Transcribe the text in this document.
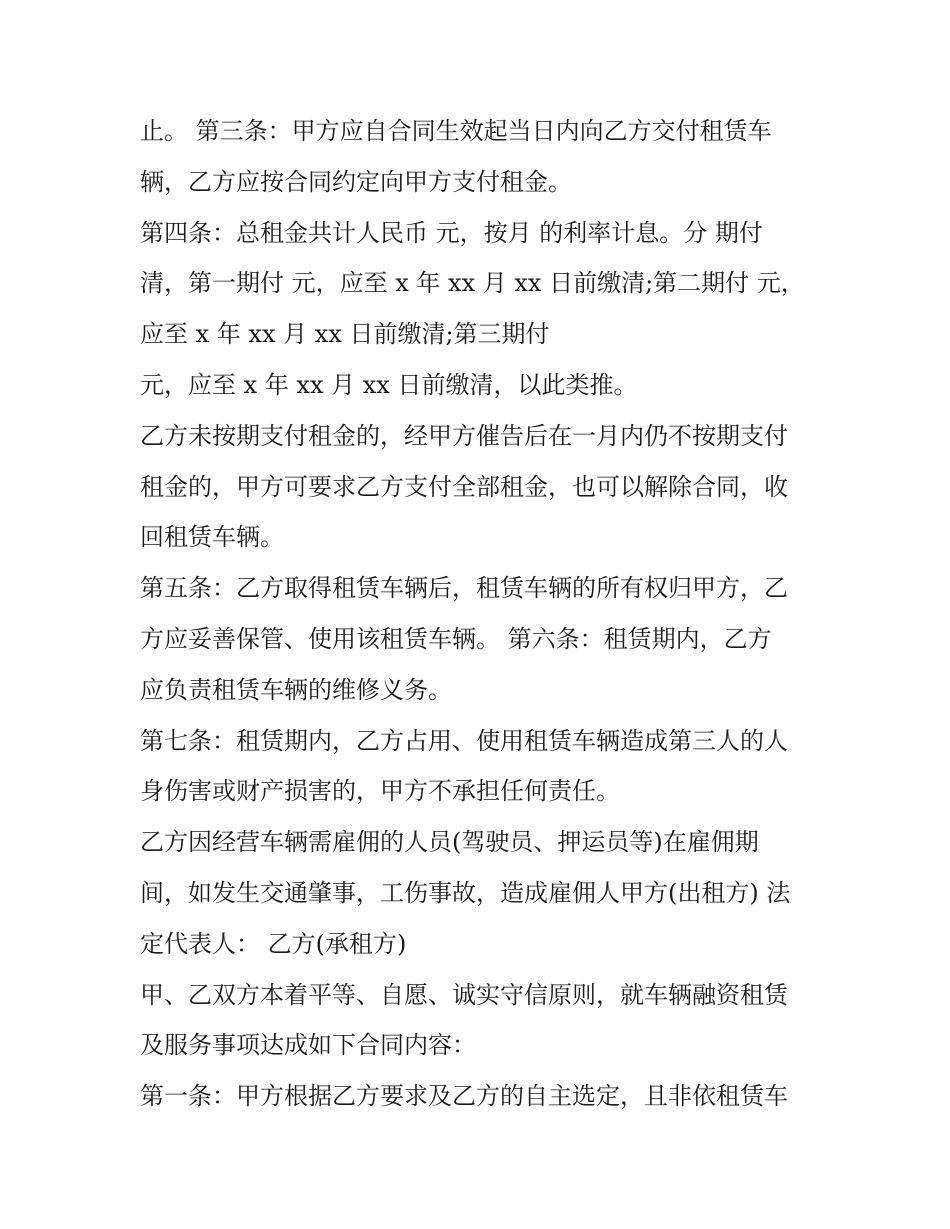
止。 第三条：甲方应自合同生效起当日内向乙方交付租赁车
辆，乙方应按合同约定向甲方支付租金。
第四条：总租金共计人民币 元，按月 的利率计息。分 期付
清，第一期付 元，应至 x 年 xx 月 xx 日前缴清;第二期付 元，
应至 x 年 xx 月 xx 日前缴清;第三期付
元，应至 x 年 xx 月 xx 日前缴清，以此类推。
乙方未按期支付租金的，经甲方催告后在一月内仍不按期支付
租金的，甲方可要求乙方支付全部租金，也可以解除合同，收
回租赁车辆。
第五条：乙方取得租赁车辆后，租赁车辆的所有权归甲方，乙
方应妥善保管、使用该租赁车辆。 第六条：租赁期内，乙方
应负责租赁车辆的维修义务。
第七条：租赁期内，乙方占用、使用租赁车辆造成第三人的人
身伤害或财产损害的，甲方不承担任何责任。
乙方因经营车辆需雇佣的人员(驾驶员、押运员等)在雇佣期
间，如发生交通肇事，工伤事故，造成雇佣人甲方(出租方) 法
定代表人： 乙方(承租方)
甲、乙双方本着平等、自愿、诚实守信原则，就车辆融资租赁
及服务事项达成如下合同内容：
第一条：甲方根据乙方要求及乙方的自主选定，且非依租赁车
